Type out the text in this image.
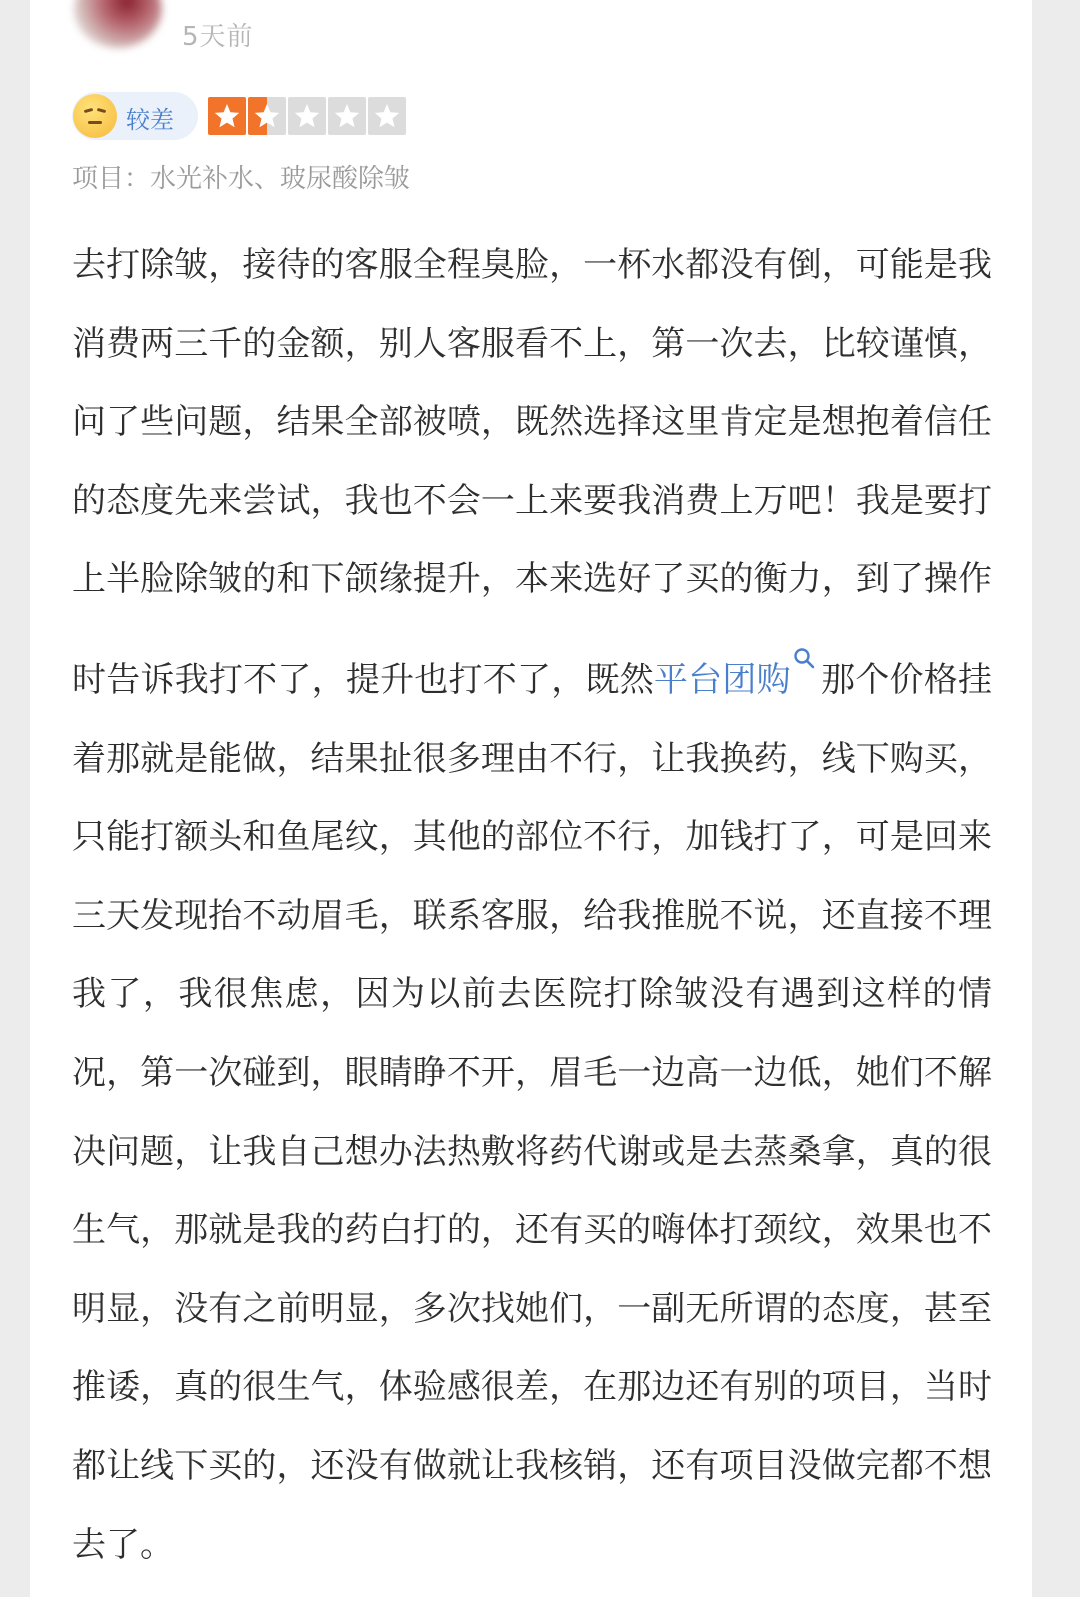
5天前
较差
项目：水光补水、玻尿酸除皱
去打除皱，接待的客服全程臭脸，一杯水都没有倒，可能是我消费两三千的金额，别人客服看不上，第一次去，比较谨慎，问了些问题，结果全部被喷，既然选择这里肯定是想抱着信任的态度先来尝试，我也不会一上来要我消费上万吧！我是要打上半脸除皱的和下颌缘提升，本来选好了买的衡力，到了操作时告诉我打不了，提升也打不了，既然平台团购 那个价格挂着那就是能做，结果扯很多理由不行，让我换药，线下购买，只能打额头和鱼尾纹，其他的部位不行，加钱打了，可是回来三天发现抬不动眉毛，联系客服，给我推脱不说，还直接不理我了，我很焦虑，因为以前去医院打除皱没有遇到这样的情况，第一次碰到，眼睛睁不开，眉毛一边高一边低，她们不解决问题，让我自己想办法热敷将药代谢或是去蒸桑拿，真的很生气，那就是我的药白打的，还有买的嗨体打颈纹，效果也不明显，没有之前明显，多次找她们，一副无所谓的态度，甚至推诿，真的很生气，体验感很差，在那边还有别的项目，当时都让线下买的，还没有做就让我核销，还有项目没做完都不想去了。
